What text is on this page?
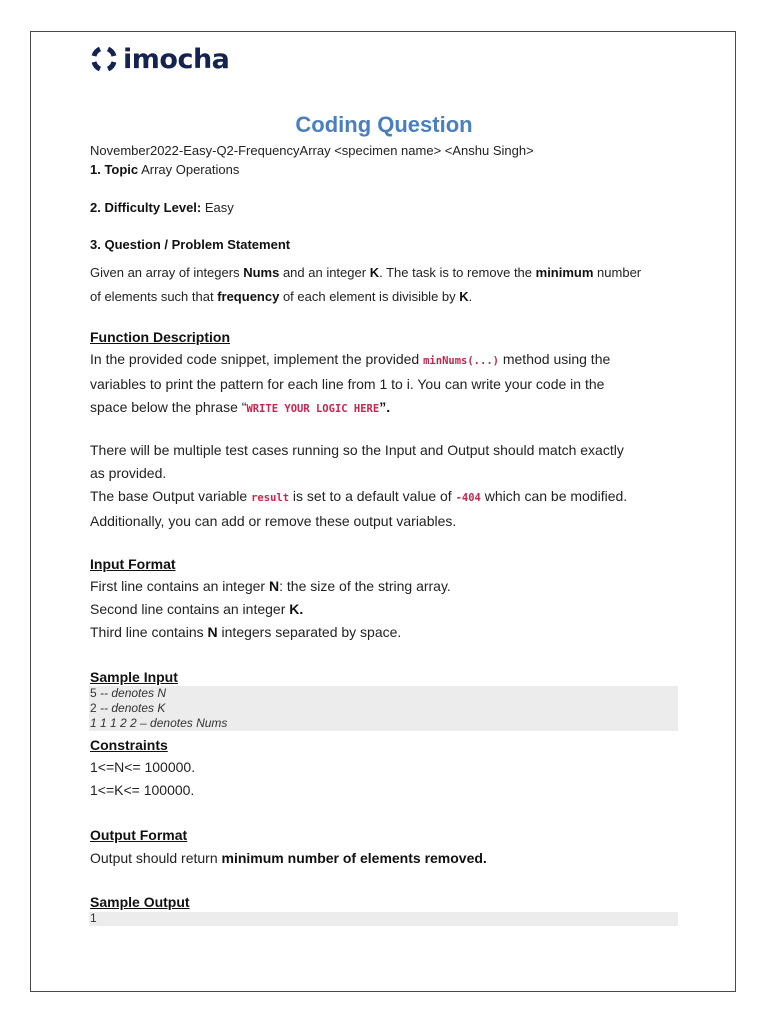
imocha
Coding Question
November2022-Easy-Q2-FrequencyArray <specimen name> <Anshu Singh>
1. Topic Array Operations
2. Difficulty Level: Easy
3. Question / Problem Statement
Given an array of integers Nums and an integer K. The task is to remove the minimum number
of elements such that frequency of each element is divisible by K.
Function Description
In the provided code snippet, implement the provided minNums(...) method using the
variables to print the pattern for each line from 1 to i. You can write your code in the
space below the phrase “WRITE YOUR LOGIC HERE”.
There will be multiple test cases running so the Input and Output should match exactly
as provided.
The base Output variable result is set to a default value of -404 which can be modified.
Additionally, you can add or remove these output variables.
Input Format
First line contains an integer N: the size of the string array.
Second line contains an integer K.
Third line contains N integers separated by space.
Sample Input
5 -- denotes N
2 -- denotes K
1 1 1 2 2 – denotes Nums
Constraints
1<=N<= 100000.
1<=K<= 100000.
Output Format
Output should return minimum number of elements removed.
Sample Output
1
